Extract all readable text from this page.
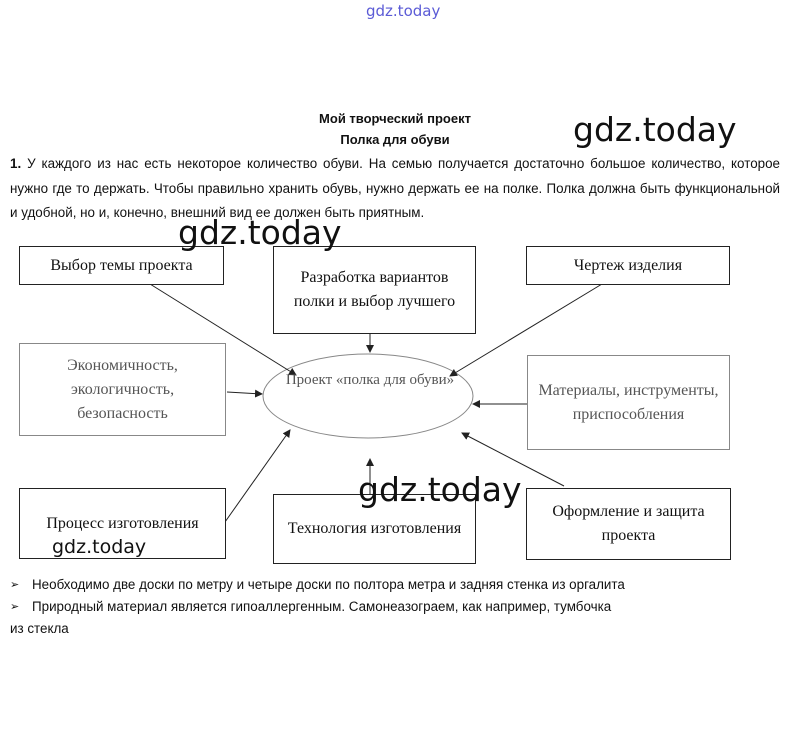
gdz.today
Мой творческий проект
Полка для обуви
1. У каждого из нас есть некоторое количество обуви. На семью получается достаточно большое количество, которое нужно где то держать. Чтобы правильно хранить обувь, нужно держать ее на полке. Полка должна быть функциональной и удобной, но и, конечно, внешний вид ее должен быть приятным.
Проект «полка для обуви»
Выбор темы проекта
Разработка вариантов полки и выбор лучшего
Чертеж изделия
Экономичность, экологичность, безопасность
Материалы, инструменты, приспособления
Процесс изготовления	Технология изготовления
Оформление и защита проекта
gdz.today
gdz.today
gdz.today
gdz.today
➢ Необходимо две доски по метру и четыре доски по полтора метра и задняя стенка из оргалита
➢ Природный материал является гипоаллергенным. Самонеазограем, как например, тумбочка
из стекла
